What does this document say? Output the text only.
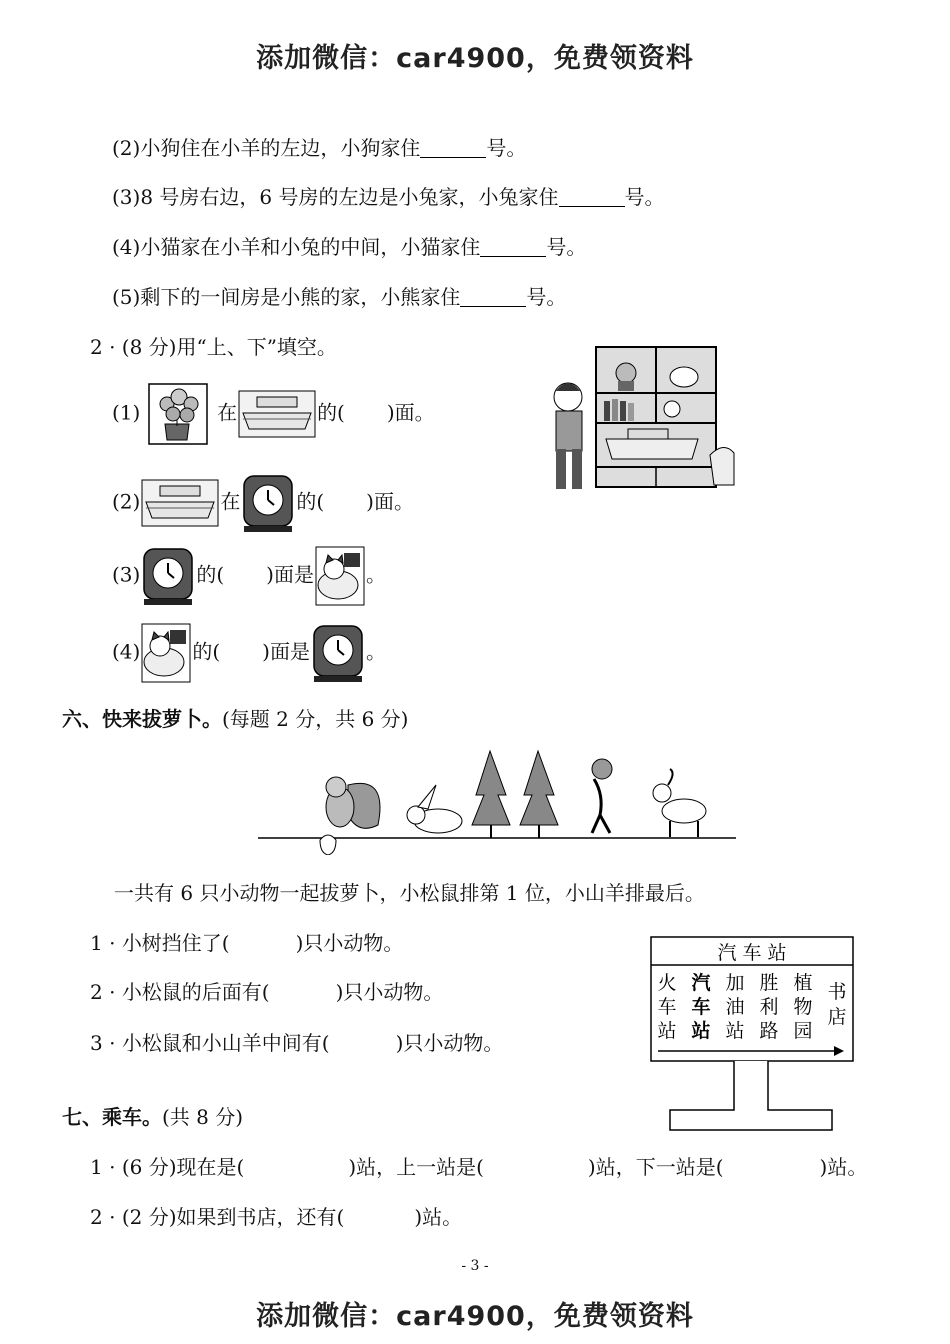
添加微信：car4900，免费领资料
(2)小狗住在小羊的左边，小狗家住	号。
(3)8 号房右边，6 号房的左边是小兔家，小兔家住	号。
(4)小猫家在小羊和小兔的中间，小猫家住	号。
(5)剩下的一间房是小熊的家，小熊家住	号。
2 · (8 分)用“上、下”填空。
(1)	在	的( )面。
(2)	在	的( )面。
(3)	的( )面是	。
(4)	的( )面是	。
六、快来拔萝卜。(每题 2 分，共 6 分)
一共有 6 只小动物一起拔萝卜，小松鼠排第 1 位，小山羊排最后。
1 · 小树挡住了(	)只小动物。
2 · 小松鼠的后面有(	)只小动物。
3 · 小松鼠和小山羊中间有(	)只小动物。
汽 车 站
火
车
站
汽
车
站
加
油
站
胜
利
路
植
物
园
书
店
七、乘车。(共 8 分)
1 · (6 分)现在是(	)站，上一站是(	)站，下一站是(	)站。
2 · (2 分)如果到书店，还有(	)站。
- 3 -
添加微信：car4900，免费领资料
